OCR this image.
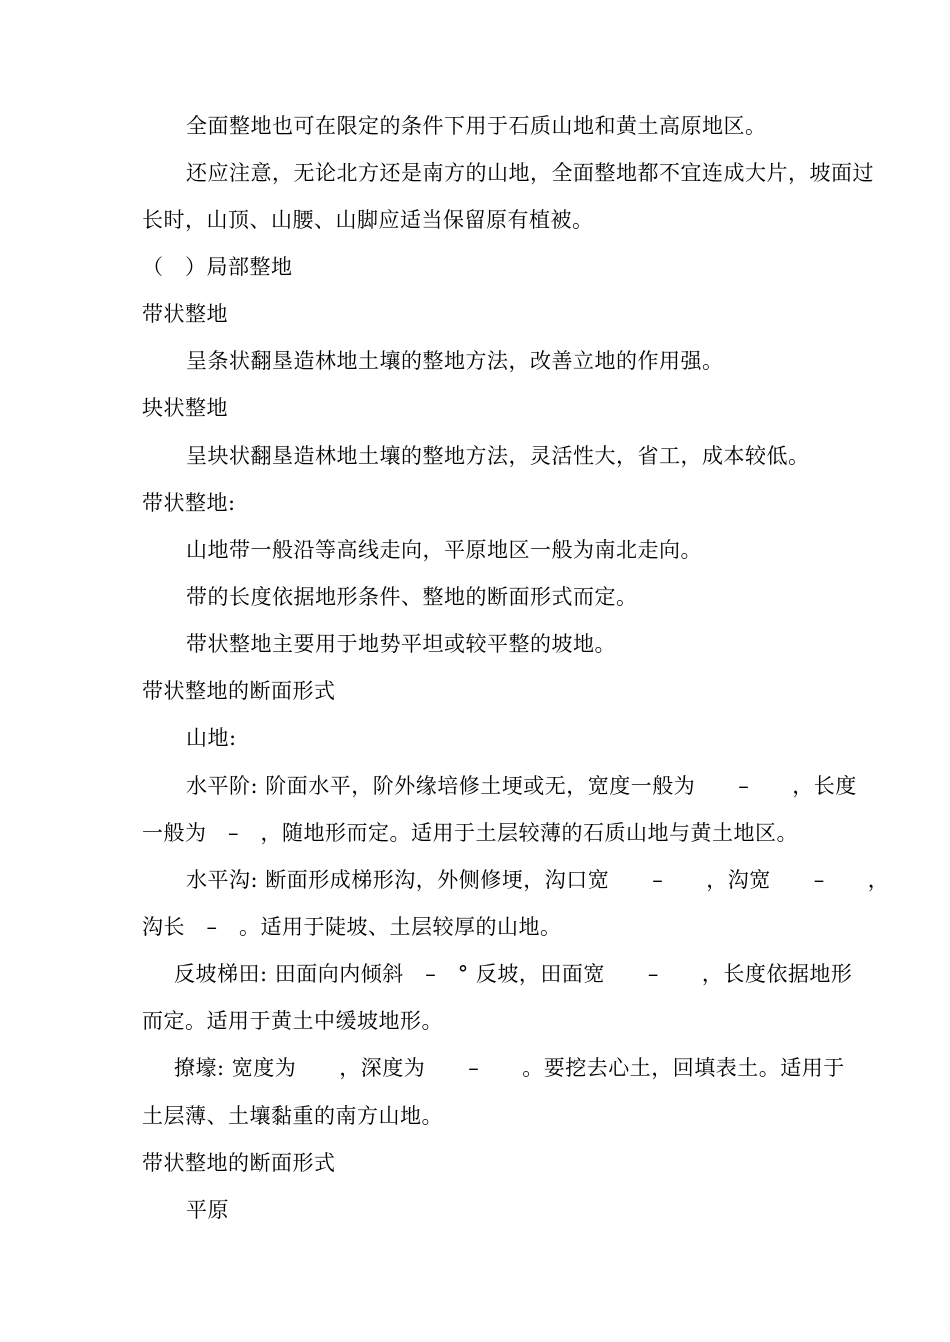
全面整地也可在限定的条件下用于石质山地和黄土高原地区。
还应注意，无论北方还是南方的山地，全面整地都不宜连成大片，坡面过
长时，山顶、山腰、山脚应适当保留原有植被。
（　）局部整地
带状整地
呈条状翻垦造林地土壤的整地方法，改善立地的作用强。
块状整地
呈块状翻垦造林地土壤的整地方法，灵活性大，省工，成本较低。
带状整地:
山地带一般沿等高线走向，平原地区一般为南北走向。
带的长度依据地形条件、整地的断面形式而定。
带状整地主要用于地势平坦或较平整的坡地。
带状整地的断面形式
山地:
水平阶: 阶面水平，阶外缘培修土埂或无，宽度一般为　　–　　，长度
一般为　–　，随地形而定。适用于土层较薄的石质山地与黄土地区。
水平沟: 断面形成梯形沟，外侧修埂，沟口宽　　–　　，沟宽　　–　　，
沟长　–　。适用于陡坡、土层较厚的山地。
反坡梯田: 田面向内倾斜　–　° 反坡，田面宽　　–　　，长度依据地形
而定。适用于黄土中缓坡地形。
撩壕: 宽度为　　，深度为　　–　　。要挖去心土，回填表土。适用于
土层薄、土壤黏重的南方山地。
带状整地的断面形式
平原
